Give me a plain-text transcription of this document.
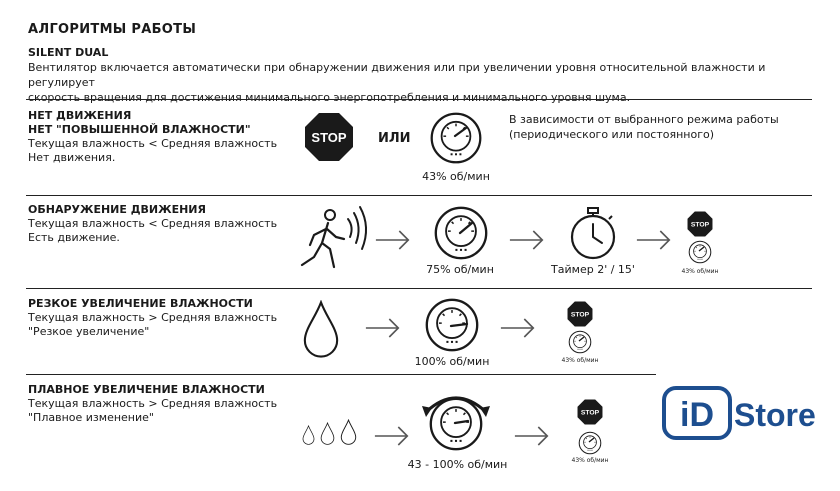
АЛГОРИТМЫ РАБОТЫ
SILENT DUAL
Вентилятор включается автоматически при обнаружении движения или при увеличении уровня относительной влажности и регулирует
скорость вращения для достижения минимального энергопотребления и минимального уровня шума.
НЕТ ДВИЖЕНИЯ
НЕТ "ПОВЫШЕННОЙ ВЛАЖНОСТИ"
Текущая влажность < Средняя влажность
Нет движения.
ИЛИ
43% об/мин
В зависимости от выбранного режима работы
(периодического или постоянного)
ОБНАРУЖЕНИЕ ДВИЖЕНИЯ
Текущая влажность < Средняя влажность
Есть движение.
75% об/мин	Таймер 2' / 15'	43% об/мин
РЕЗКОЕ УВЕЛИЧЕНИЕ ВЛАЖНОСТИ
Текущая влажность > Средняя влажность
"Резкое увеличение"
100% об/мин	43% об/мин
ПЛАВНОЕ УВЕЛИЧЕНИЕ ВЛАЖНОСТИ
Текущая влажность > Средняя влажность
"Плавное изменение"
43 - 100% об/мин	43% об/мин
iD Store
